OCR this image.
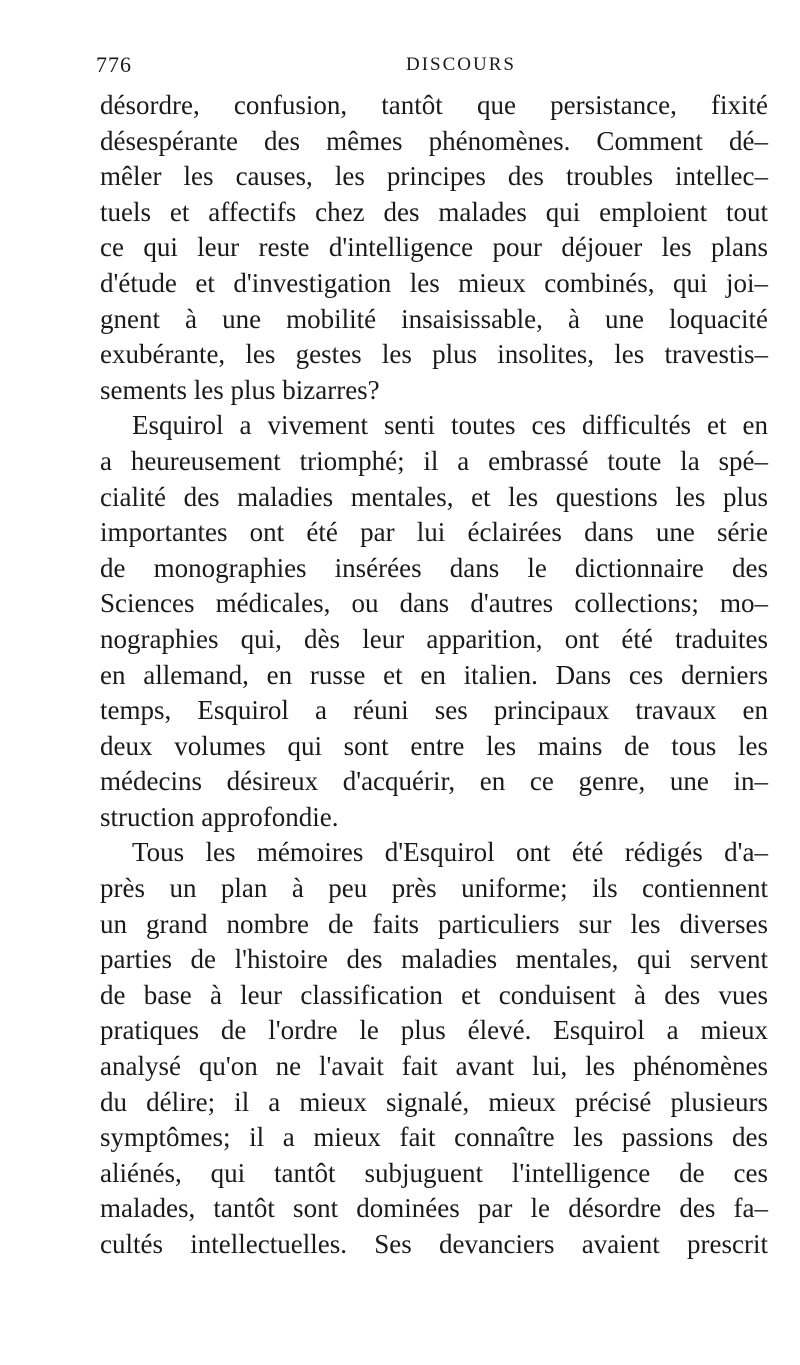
776	DISCOURS
désordre, confusion, tantôt que persistance, fixité
désespérante des mêmes phénomènes. Comment dé–
mêler les causes, les principes des troubles intellec–
tuels et affectifs chez des malades qui emploient tout
ce qui leur reste d'intelligence pour déjouer les plans
d'étude et d'investigation les mieux combinés, qui joi–
gnent à une mobilité insaisissable, à une loquacité
exubérante, les gestes les plus insolites, les travestis–
sements les plus bizarres?
Esquirol a vivement senti toutes ces difficultés et en
a heureusement triomphé; il a embrassé toute la spé–
cialité des maladies mentales, et les questions les plus
importantes ont été par lui éclairées dans une série
de monographies insérées dans le dictionnaire des
Sciences médicales, ou dans d'autres collections; mo–
nographies qui, dès leur apparition, ont été traduites
en allemand, en russe et en italien. Dans ces derniers
temps, Esquirol a réuni ses principaux travaux en
deux volumes qui sont entre les mains de tous les
médecins désireux d'acquérir, en ce genre, une in–
struction approfondie.
Tous les mémoires d'Esquirol ont été rédigés d'a–
près un plan à peu près uniforme; ils contiennent
un grand nombre de faits particuliers sur les diverses
parties de l'histoire des maladies mentales, qui servent
de base à leur classification et conduisent à des vues
pratiques de l'ordre le plus élevé. Esquirol a mieux
analysé qu'on ne l'avait fait avant lui, les phénomènes
du délire; il a mieux signalé, mieux précisé plusieurs
symptômes; il a mieux fait connaître les passions des
aliénés, qui tantôt subjuguent l'intelligence de ces
malades, tantôt sont dominées par le désordre des fa–
cultés intellectuelles. Ses devanciers avaient prescrit
